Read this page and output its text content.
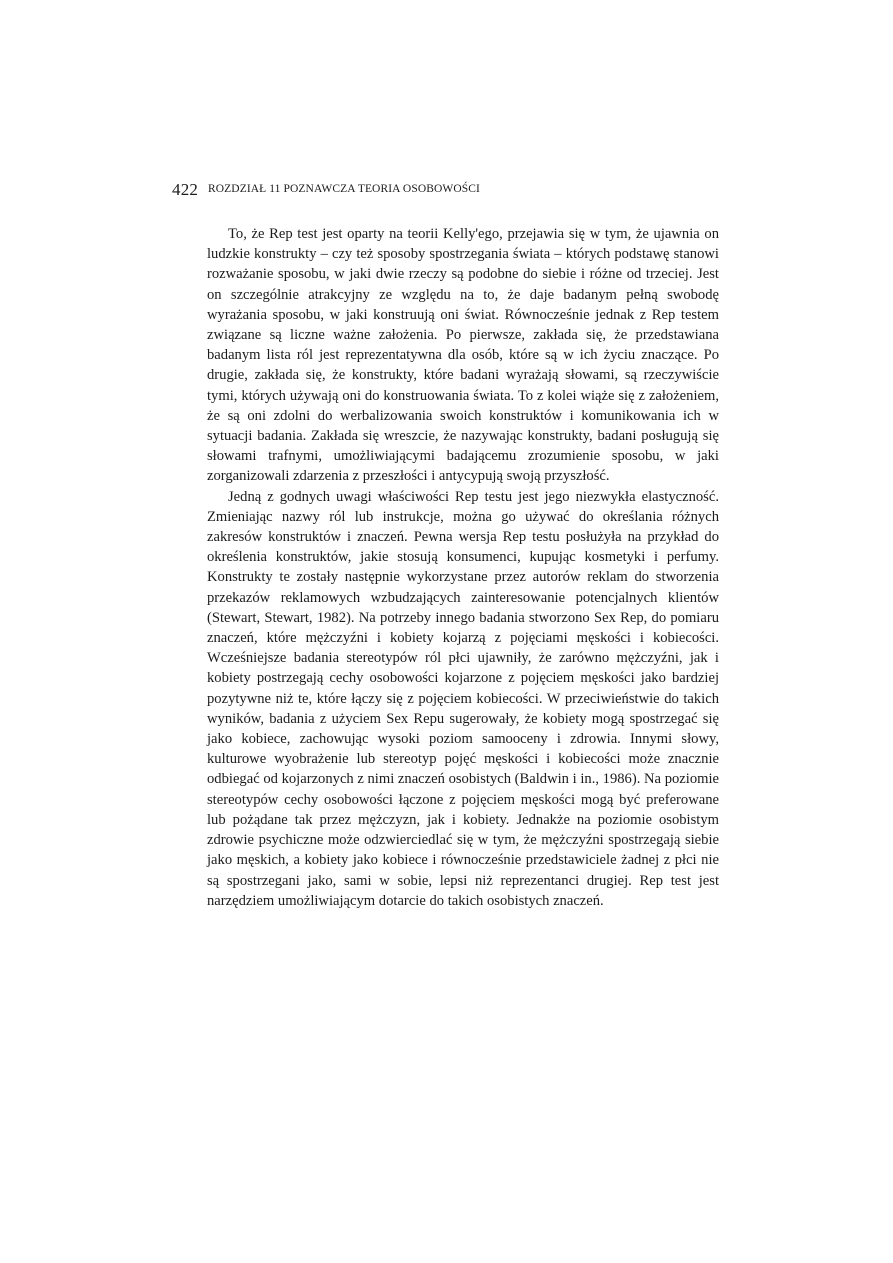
422 ROZDZIAŁ 11 POZNAWCZA TEORIA OSOBOWOŚCI

To, że Rep test jest oparty na teorii Kelly'ego, przejawia się w tym, że ujawnia on ludzkie konstrukty – czy też sposoby spostrzegania świata – których podstawę stanowi rozważanie sposobu, w jaki dwie rzeczy są podobne do siebie i różne od trzeciej. Jest on szczególnie atrakcyjny ze względu na to, że daje badanym pełną swobodę wyrażania sposobu, w jaki konstruują oni świat. Równocześnie jednak z Rep testem związane są liczne ważne założenia. Po pierwsze, zakłada się, że przedstawiana badanym lista ról jest reprezentatywna dla osób, które są w ich życiu znaczące. Po drugie, zakłada się, że konstrukty, które badani wyrażają słowami, są rzeczywiście tymi, których używają oni do konstruowania świata. To z kolei wiąże się z założeniem, że są oni zdolni do werbalizowania swoich konstruktów i komunikowania ich w sytuacji badania. Zakłada się wreszcie, że nazywając konstrukty, badani posługują się słowami trafnymi, umożliwiającymi badającemu zrozumienie sposobu, w jaki zorganizowali zdarzenia z przeszłości i antycypują swoją przyszłość.

Jedną z godnych uwagi właściwości Rep testu jest jego niezwykła elastyczność. Zmieniając nazwy ról lub instrukcje, można go używać do określania różnych zakresów konstruktów i znaczeń. Pewna wersja Rep testu posłużyła na przykład do określenia konstruktów, jakie stosują konsumenci, kupując kosmetyki i perfumy. Konstrukty te zostały następnie wykorzystane przez autorów reklam do stworzenia przekazów reklamowych wzbudzających zainteresowanie potencjalnych klientów (Stewart, Stewart, 1982). Na potrzeby innego badania stworzono Sex Rep, do pomiaru znaczeń, które mężczyźni i kobiety kojarzą z pojęciami męskości i kobiecości. Wcześniejsze badania stereotypów ról płci ujawniły, że zarówno mężczyźni, jak i kobiety postrzegają cechy osobowości kojarzone z pojęciem męskości jako bardziej pozytywne niż te, które łączy się z pojęciem kobiecości. W przeciwieństwie do takich wyników, badania z użyciem Sex Repu sugerowały, że kobiety mogą spostrzegać się jako kobiece, zachowując wysoki poziom samooceny i zdrowia. Innymi słowy, kulturowe wyobrażenie lub stereotyp pojęć męskości i kobiecości może znacznie odbiegać od kojarzonych z nimi znaczeń osobistych (Baldwin i in., 1986). Na poziomie stereotypów cechy osobowości łączone z pojęciem męskości mogą być preferowane lub pożądane tak przez mężczyzn, jak i kobiety. Jednakże na poziomie osobistym zdrowie psychiczne może odzwierciedlać się w tym, że mężczyźni spostrzegają siebie jako męskich, a kobiety jako kobiece i równocześnie przedstawiciele żadnej z płci nie są spostrzegani jako, sami w sobie, lepsi niż reprezentanci drugiej. Rep test jest narzędziem umożliwiającym dotarcie do takich osobistych znaczeń.
